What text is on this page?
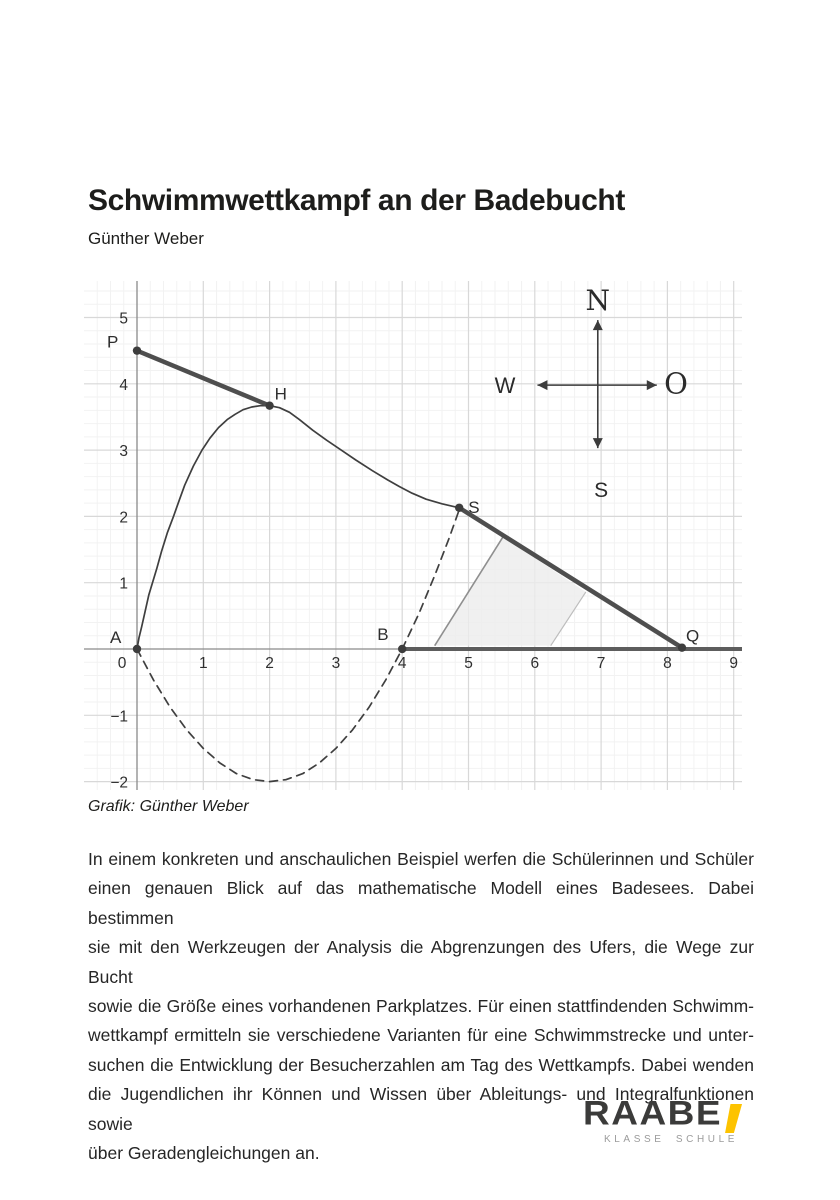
Schwimmwettkampf an der Badebucht
Günther Weber
0	1	2	3	4	5	6	7	8	9
5
4
3
2
1
−1
−2
N
W	O
S
P
A
H
B
S
Q
Grafik: Günther Weber
In einem konkreten und anschaulichen Beispiel werfen die Schülerinnen und Schüler
einen genauen Blick auf das mathematische Modell eines Badesees. Dabei bestimmen
sie mit den Werkzeugen der Analysis die Abgrenzungen des Ufers, die Wege zur Bucht
sowie die Größe eines vorhandenen Parkplatzes. Für einen stattfindenden Schwimm-
wettkampf ermitteln sie verschiedene Varianten für eine Schwimmstrecke und unter-
suchen die Entwicklung der Besucherzahlen am Tag des Wettkampfs. Dabei wenden
die Jugendlichen ihr Können und Wissen über Ableitungs- und Integralfunktionen sowie
über Geradengleichungen an.
RAABE
KLASSE SCHULE
